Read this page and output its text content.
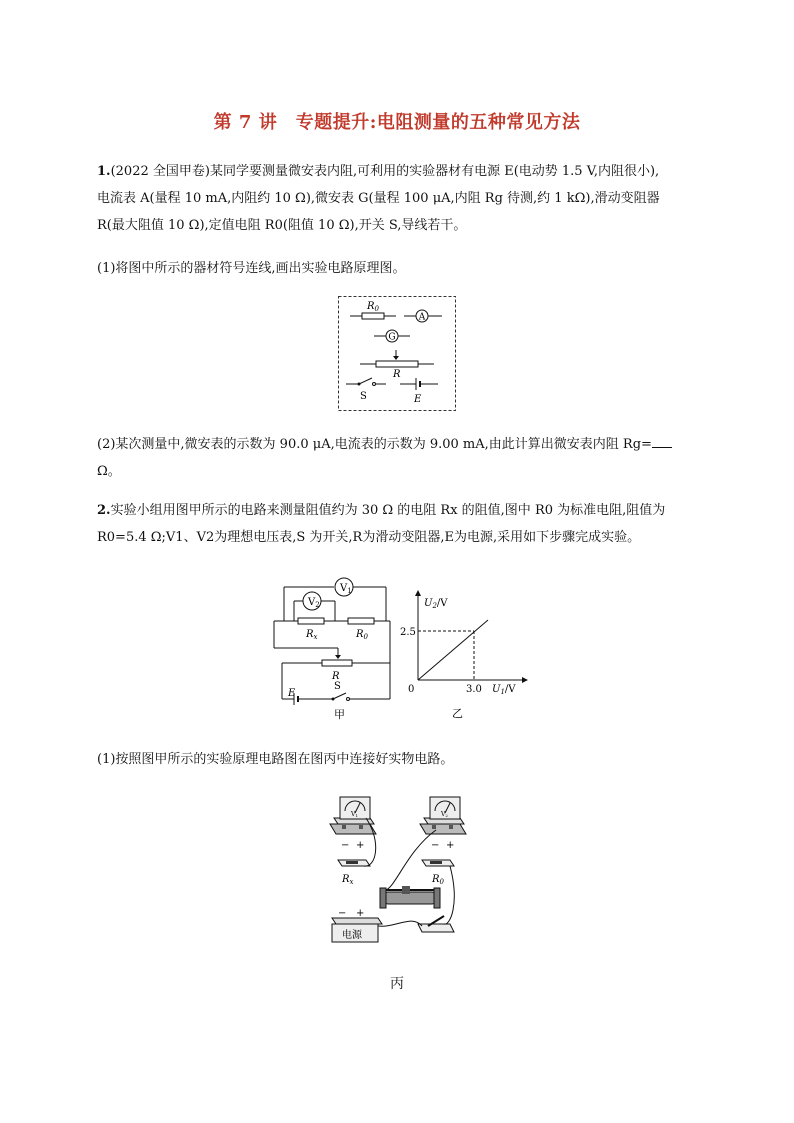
第 7 讲　专题提升:电阻测量的五种常见方法
1.(2022 全国甲卷)某同学要测量微安表内阻,可利用的实验器材有电源 E(电动势 1.5 V,内阻很小),
电流表 A(量程 10 mA,内阻约 10 Ω),微安表 G(量程 100 μA,内阻 Rg 待测,约 1 kΩ),滑动变阻器
R(最大阻值 10 Ω),定值电阻 R0(阻值 10 Ω),开关 S,导线若干。
(1)将图中所示的器材符号连线,画出实验电路原理图。
$R_0$
A
G
R
S	E
(2)某次测量中,微安表的示数为 90.0 μA,电流表的示数为 9.00 mA,由此计算出微安表内阻 Rg=
Ω。
2.实验小组用图甲所示的电路来测量阻值约为 30 Ω 的电阻 Rx 的阻值,图中 R0 为标准电阻,阻值为
R0=5.4 Ω;V1、V2为理想电压表,S 为开关,R为滑动变阻器,E为电源,采用如下步骤完成实验。
$V_1$
$V_2$
$R_x$	$R_0$
R
E
S
甲
$U_2/V$
2.5
0	3.0 $U_1/V$
乙
(1)按照图甲所示的实验原理电路图在图丙中连接好实物电路。
V1
− +
V2
− +
$R_x$	$R_0$
电源
− +
丙
